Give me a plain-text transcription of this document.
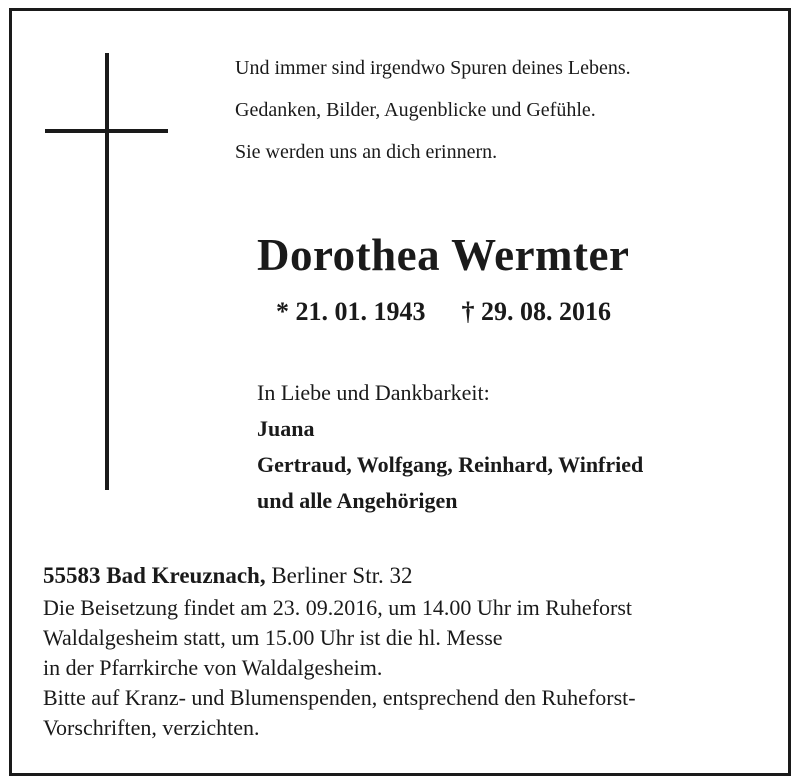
Und immer sind irgendwo Spuren deines Lebens.
Gedanken, Bilder, Augenblicke und Gefühle.
Sie werden uns an dich erinnern.
Dorothea Wermter
* 21. 01. 1943 † 29. 08. 2016
In Liebe und Dankbarkeit:
Juana
Gertraud, Wolfgang, Reinhard, Winfried
und alle Angehörigen
55583 Bad Kreuznach, Berliner Str. 32
Die Beisetzung findet am 23. 09.2016, um 14.00 Uhr im Ruheforst
Waldalgesheim statt, um 15.00 Uhr ist die hl. Messe
in der Pfarrkirche von Waldalgesheim.
Bitte auf Kranz- und Blumenspenden, entsprechend den Ruheforst-
Vorschriften, verzichten.
